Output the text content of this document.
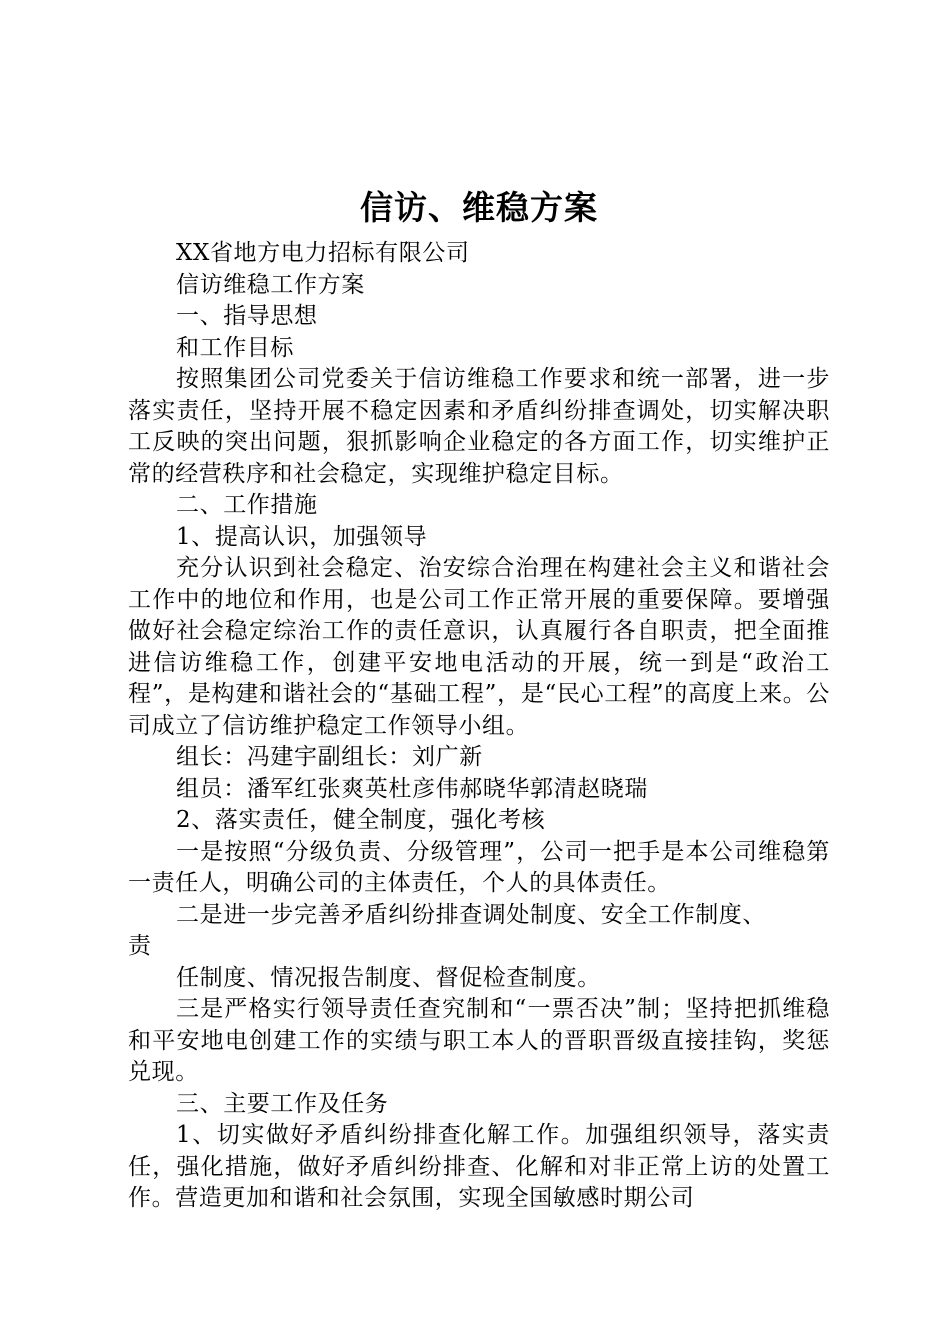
信访、维稳方案

XX省地方电力招标有限公司

信访维稳工作方案

一、指导思想

和工作目标

按照集团公司党委关于信访维稳工作要求和统一部署，进一步落实责任，坚持开展不稳定因素和矛盾纠纷排查调处，切实解决职工反映的突出问题，狠抓影响企业稳定的各方面工作，切实维护正常的经营秩序和社会稳定，实现维护稳定目标。

二、工作措施

1、提高认识，加强领导

充分认识到社会稳定、治安综合治理在构建社会主义和谐社会工作中的地位和作用，也是公司工作正常开展的重要保障。要增强做好社会稳定综治工作的责任意识，认真履行各自职责，把全面推进信访维稳工作，创建平安地电活动的开展，统一到是“政治工程”，是构建和谐社会的“基础工程”，是“民心工程”的高度上来。公司成立了信访维护稳定工作领导小组。

组长：冯建宇副组长：刘广新

组员：潘军红张爽英杜彦伟郝晓华郭清赵晓瑞

2、落实责任，健全制度，强化考核

一是按照“分级负责、分级管理”，公司一把手是本公司维稳第一责任人，明确公司的主体责任，个人的具体责任。

二是进一步完善矛盾纠纷排查调处制度、安全工作制度、

责

任制度、情况报告制度、督促检查制度。

三是严格实行领导责任查究制和“一票否决”制；坚持把抓维稳和平安地电创建工作的实绩与职工本人的晋职晋级直接挂钩，奖惩兑现。

三、主要工作及任务

1、切实做好矛盾纠纷排查化解工作。加强组织领导，落实责任，强化措施，做好矛盾纠纷排查、化解和对非正常上访的处置工作。营造更加和谐和社会氛围，实现全国敏感时期公司
